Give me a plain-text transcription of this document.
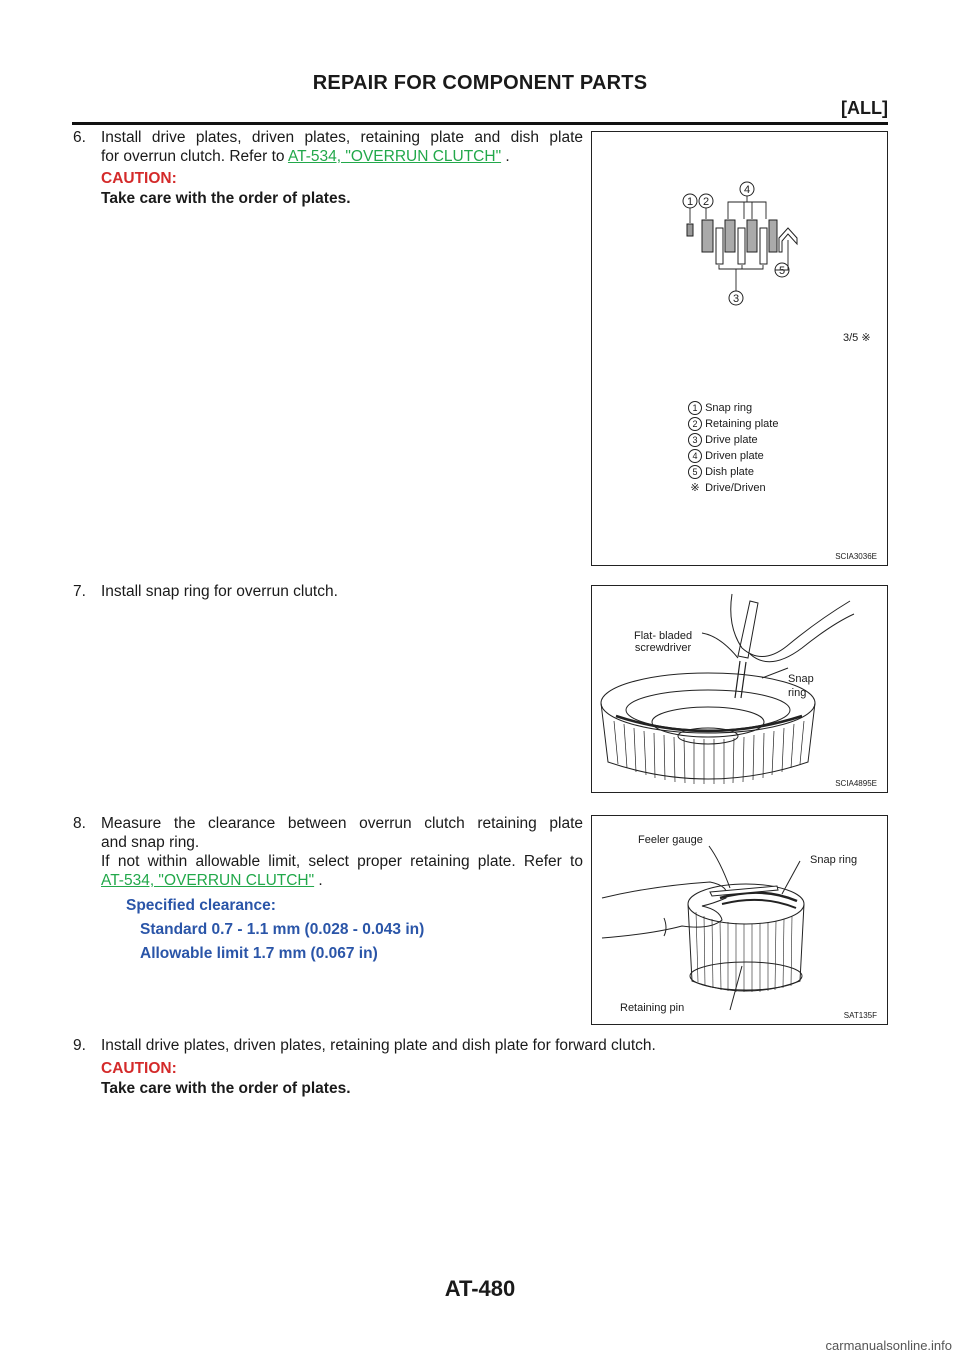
REPAIR FOR COMPONENT PARTS
[ALL]
6. Install drive plates, driven plates, retaining plate and dish plate
for overrun clutch. Refer to AT-534, "OVERRUN CLUTCH" .
CAUTION:
Take care with the order of plates.	1 2
4
5
3
3/5 ※
1 Snap ring
2 Retaining plate
3 Drive plate
4 Driven plate
5 Dish plate
※ Drive/Driven
SCIA3036E
7. Install snap ring for overrun clutch.
Flat- bladed
screwdriver
Snap
ring
SCIA4895E
8. Measure the clearance between overrun clutch retaining plate
and snap ring.
If not within allowable limit, select proper retaining plate. Refer to
AT-534, "OVERRUN CLUTCH" .
Specified clearance:
Standard 0.7 - 1.1 mm (0.028 - 0.043 in)
Allowable limit 1.7 mm (0.067 in)
Feeler gauge
Snap ring
Retaining pin
SAT135F
9. Install drive plates, driven plates, retaining plate and dish plate for forward clutch.
CAUTION:
Take care with the order of plates.
AT-480
carmanualsonline.info
